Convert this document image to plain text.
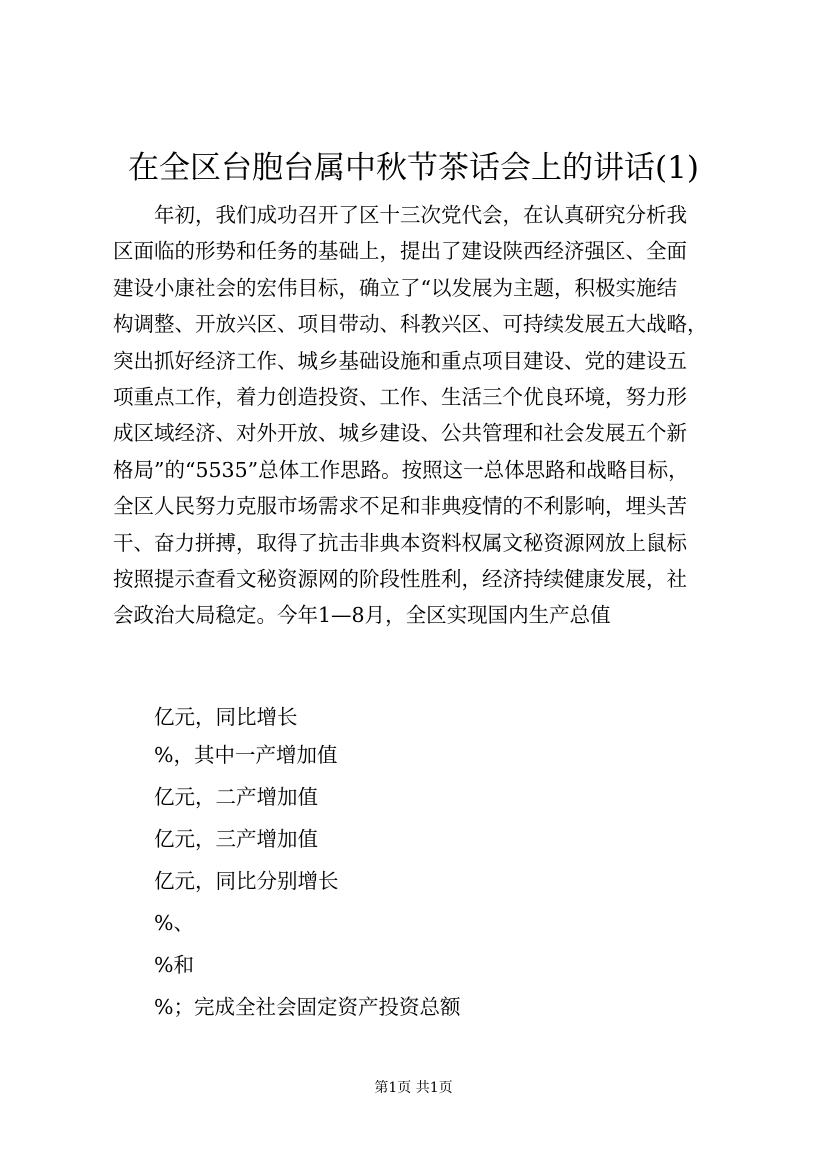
在全区台胞台属中秋节茶话会上的讲话(1)
年初，我们成功召开了区十三次党代会，在认真研究分析我
区面临的形势和任务的基础上，提出了建设陕西经济强区、全面
建设小康社会的宏伟目标，确立了“以发展为主题，积极实施结
构调整、开放兴区、项目带动、科教兴区、可持续发展五大战略，
突出抓好经济工作、城乡基础设施和重点项目建设、党的建设五
项重点工作，着力创造投资、工作、生活三个优良环境，努力形
成区域经济、对外开放、城乡建设、公共管理和社会发展五个新
格局”的“5535”总体工作思路。按照这一总体思路和战略目标，
全区人民努力克服市场需求不足和非典疫情的不利影响，埋头苦
干、奋力拼搏，取得了抗击非典本资料权属文秘资源网放上鼠标
按照提示查看文秘资源网的阶段性胜利，经济持续健康发展，社
会政治大局稳定。今年1—8月，全区实现国内生产总值

亿元，同比增长

%，其中一产增加值

亿元，二产增加值

亿元，三产增加值

亿元，同比分别增长

%、

%和

%；完成全社会固定资产投资总额

第1页 共1页
